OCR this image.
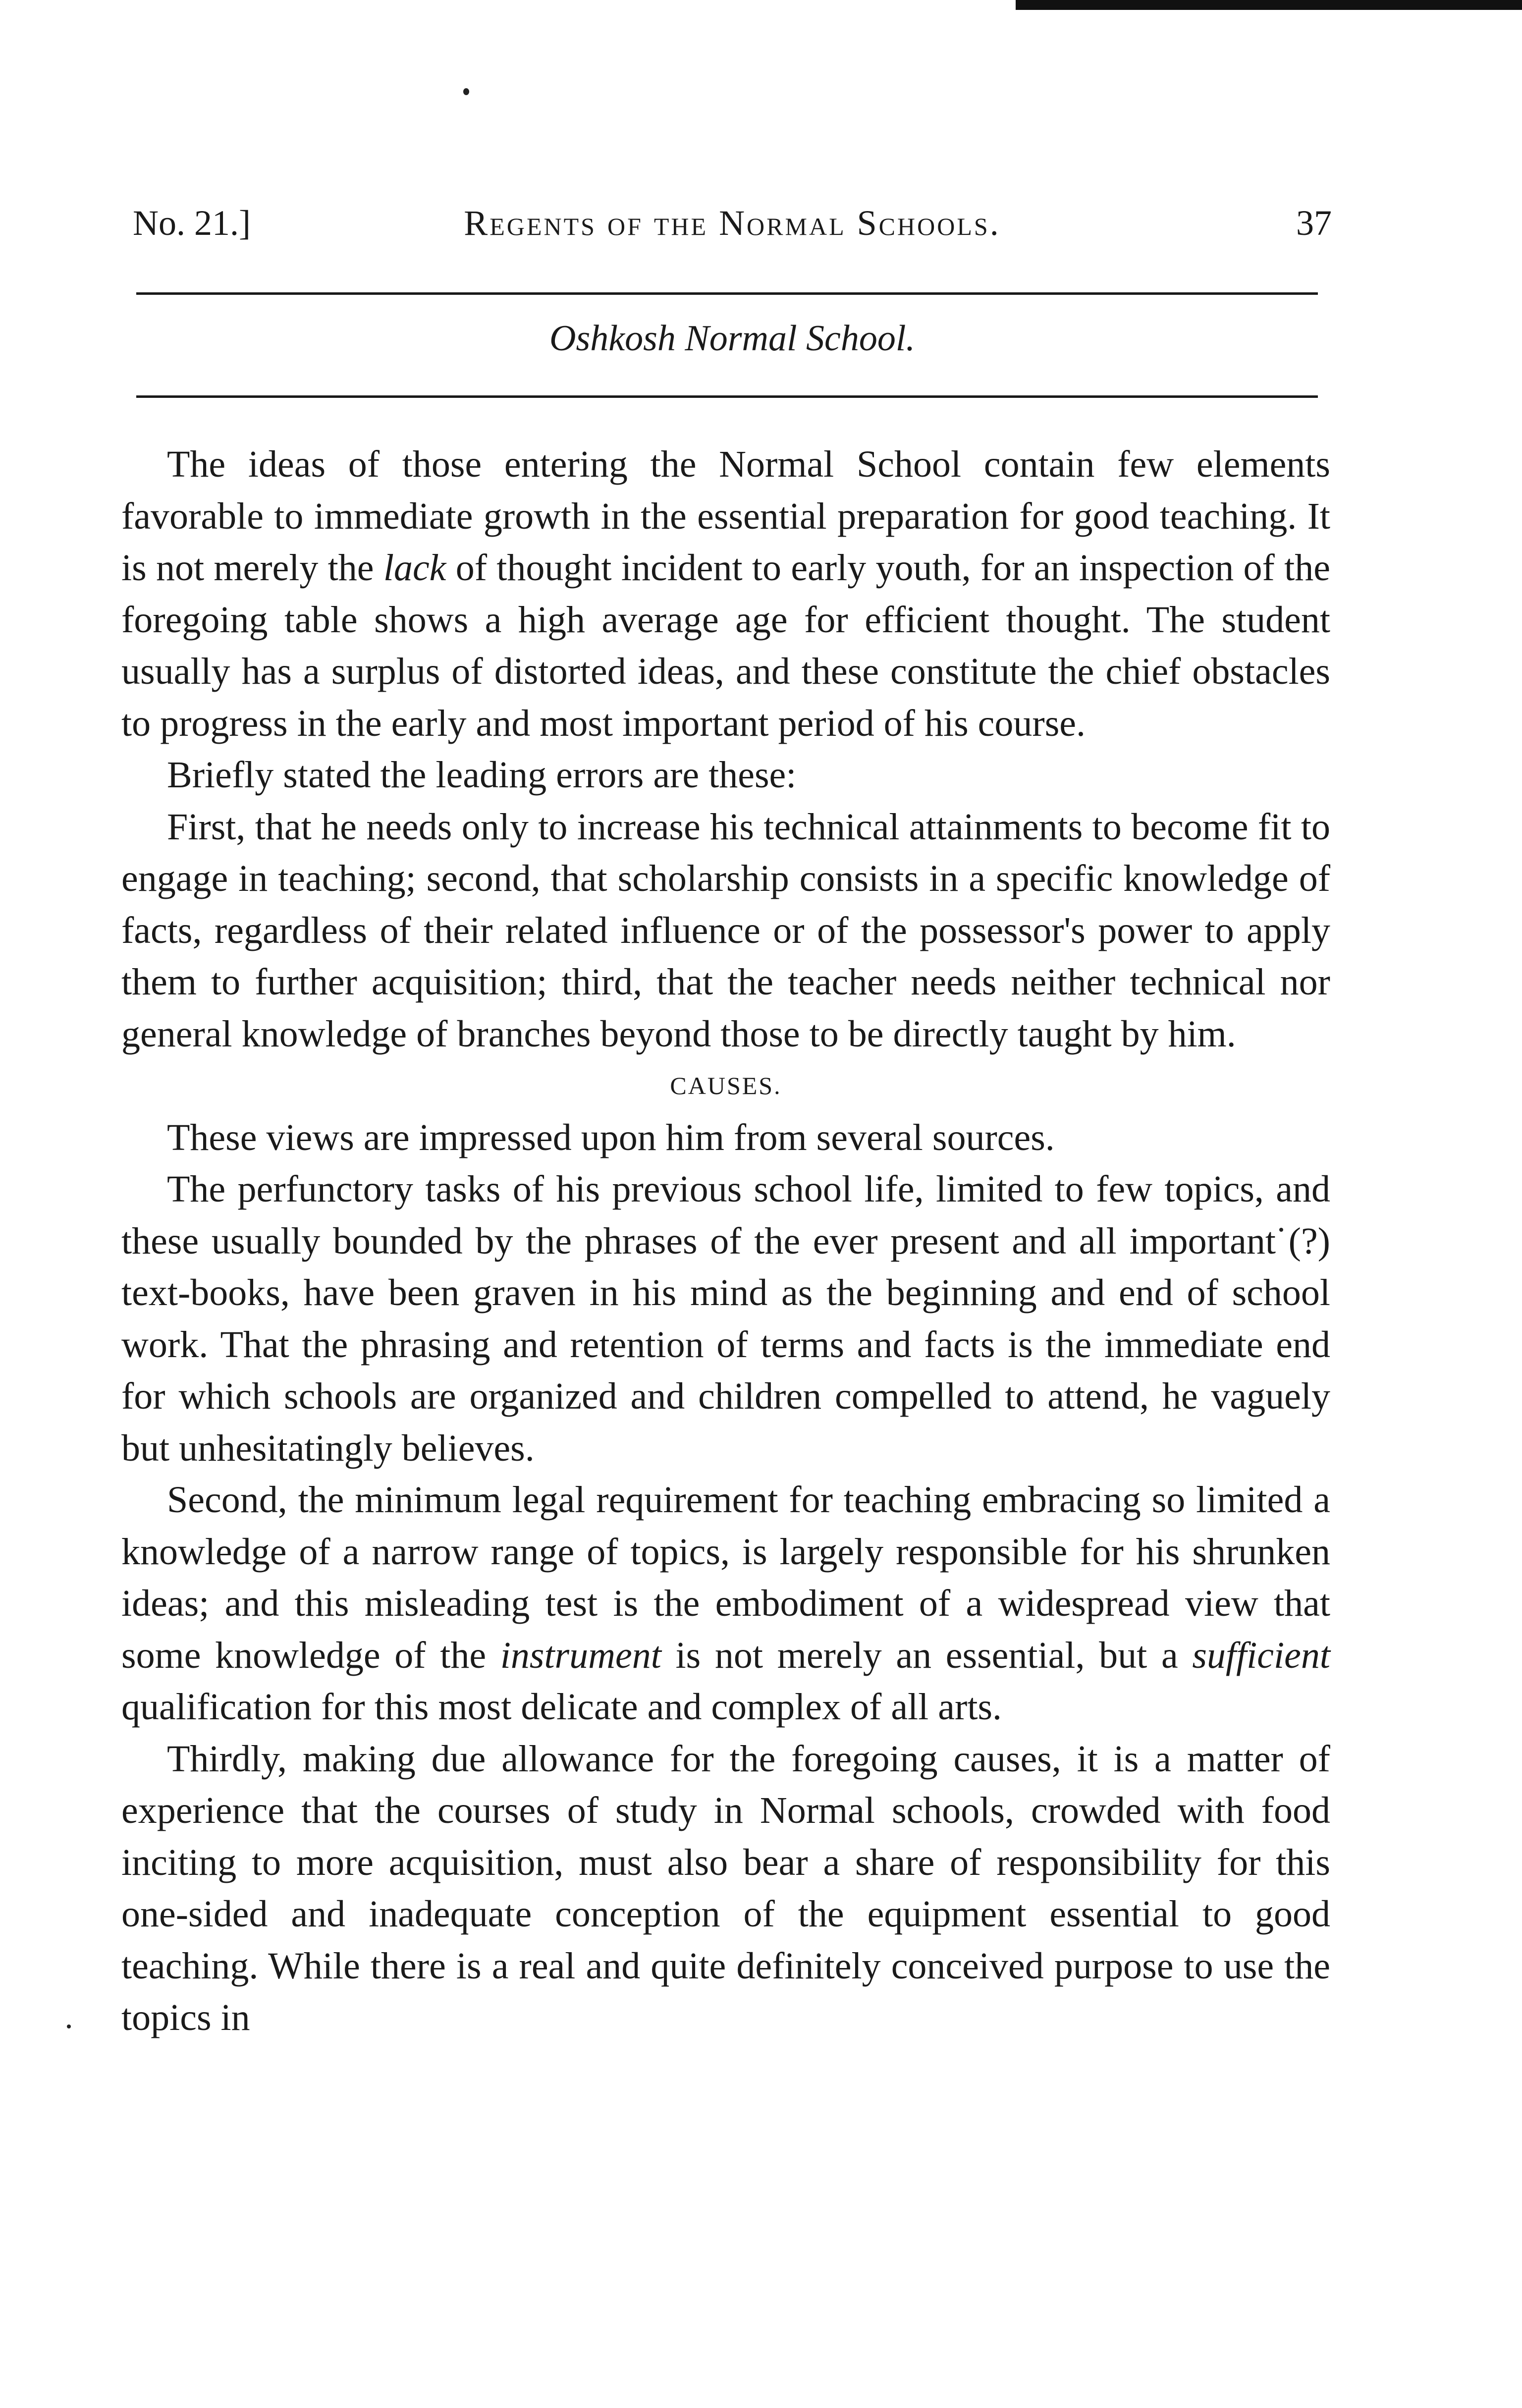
No. 21.]	Regents of the Normal Schools.	37
Oshkosh Normal School.

The ideas of those entering the Normal School contain few elements favorable to immediate growth in the essential preparation for good teaching. It is not merely the lack of thought incident to early youth, for an inspection of the foregoing table shows a high average age for efficient thought. The student usually has a surplus of distorted ideas, and these constitute the chief obstacles to progress in the early and most important period of his course.

Briefly stated the leading errors are these:

First, that he needs only to increase his technical attainments to become fit to engage in teaching; second, that scholarship consists in a specific knowledge of facts, regardless of their related influence or of the possessor's power to apply them to further acquisition; third, that the teacher needs neither technical nor general knowledge of branches beyond those to be directly taught by him.

CAUSES.

These views are impressed upon him from several sources.

The perfunctory tasks of his previous school life, limited to few topics, and these usually bounded by the phrases of the ever present and all important (?) text-books, have been graven in his mind as the beginning and end of school work. That the phrasing and retention of terms and facts is the immediate end for which schools are organized and children compelled to attend, he vaguely but unhesitatingly believes.

Second, the minimum legal requirement for teaching embracing so limited a knowledge of a narrow range of topics, is largely responsible for his shrunken ideas; and this misleading test is the embodiment of a widespread view that some knowledge of the instrument is not merely an essential, but a sufficient qualification for this most delicate and complex of all arts.

Thirdly, making due allowance for the foregoing causes, it is a matter of experience that the courses of study in Normal schools, crowded with food inciting to more acquisition, must also bear a share of responsibility for this one-sided and inadequate conception of the equipment essential to good teaching. While there is a real and quite definitely conceived purpose to use the topics in
